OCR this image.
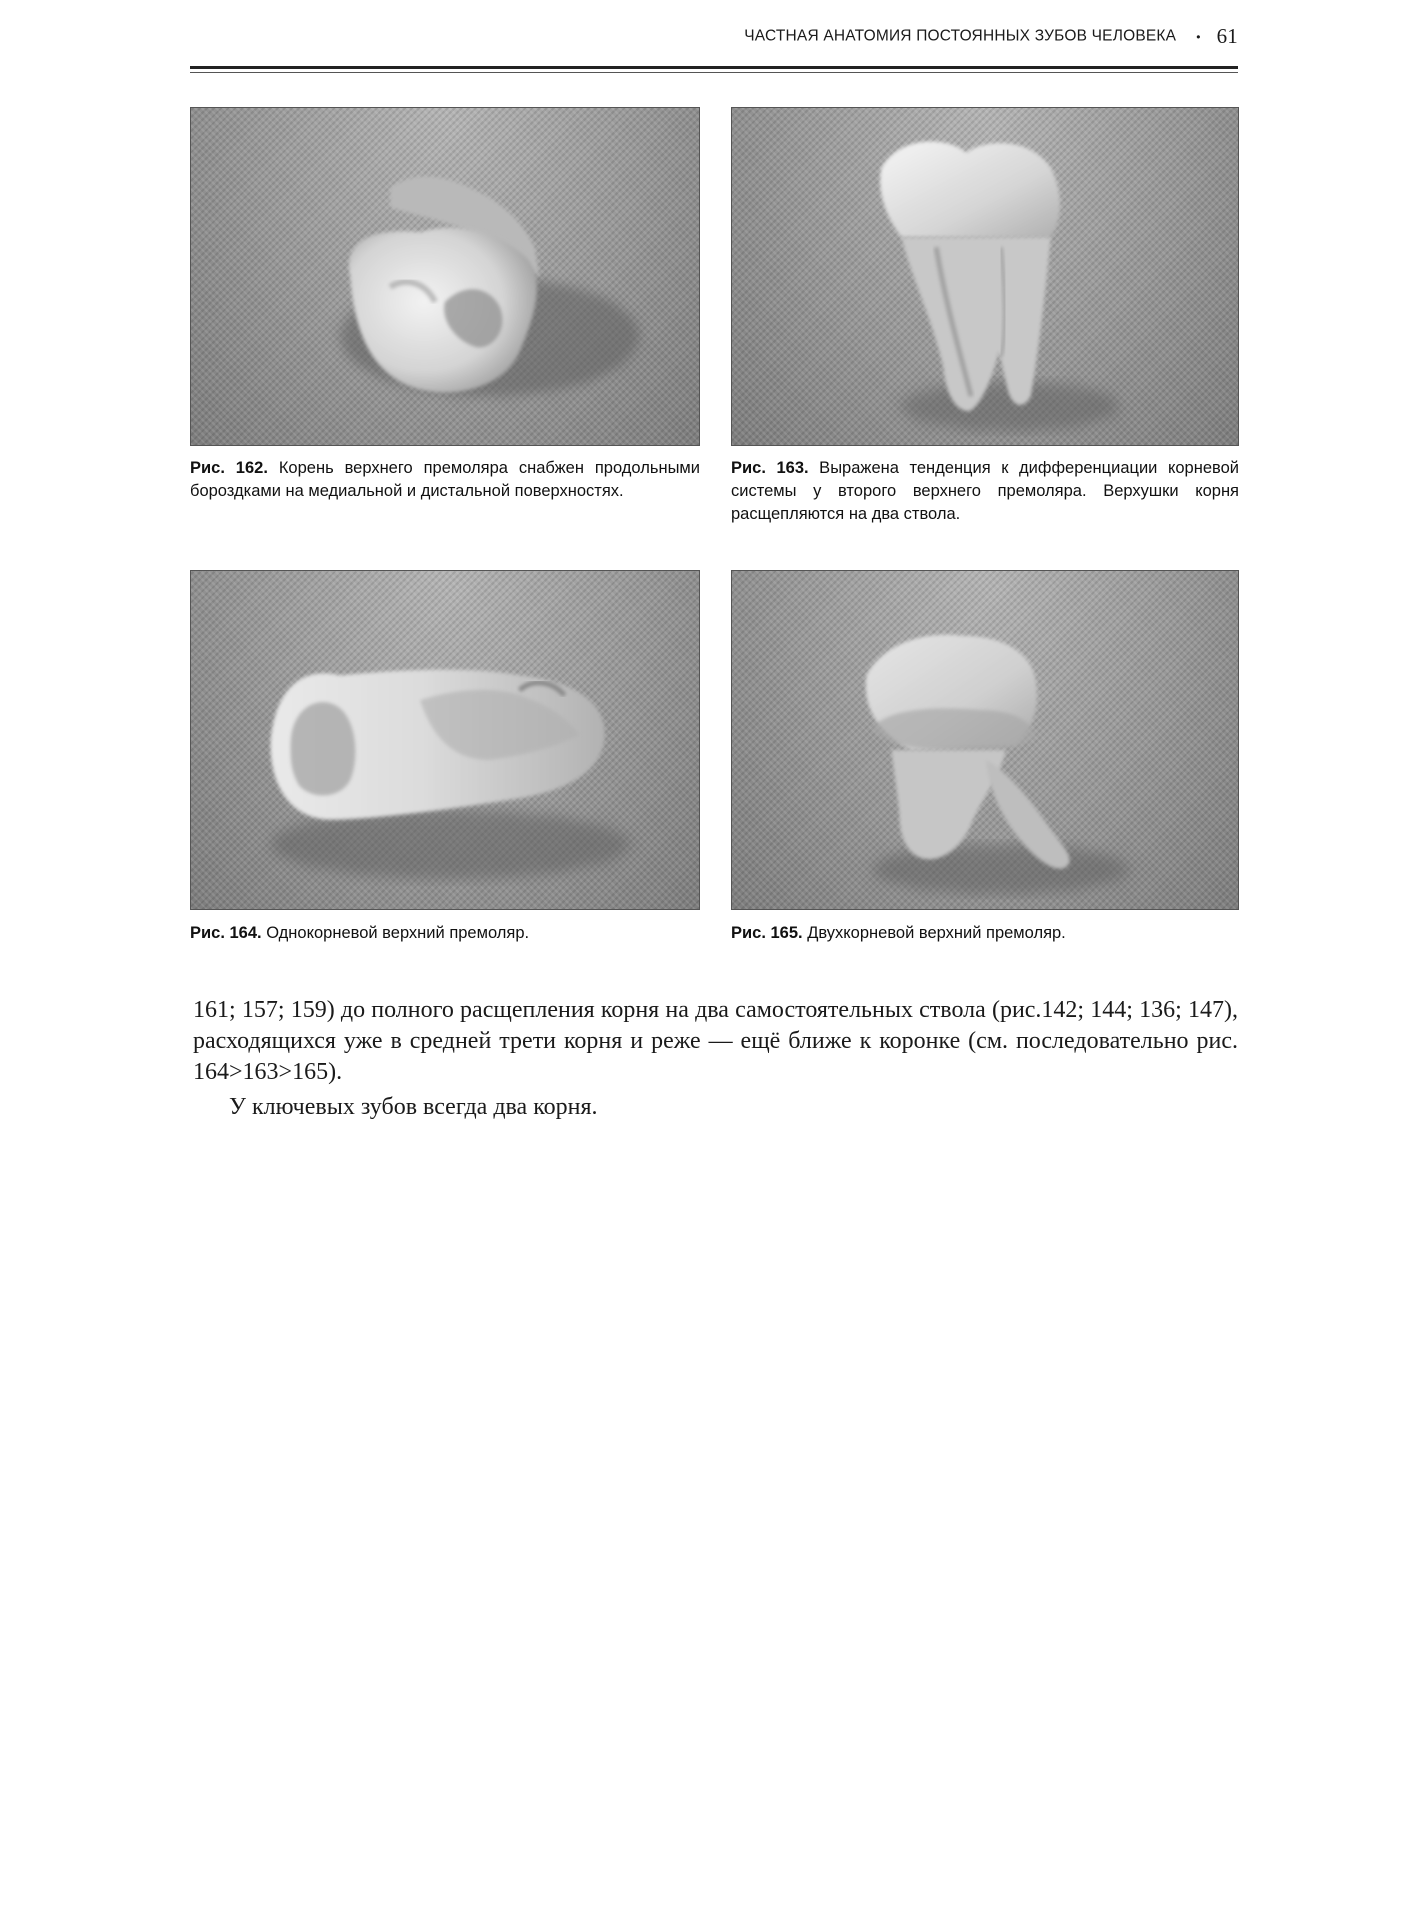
ЧАСТНАЯ АНАТОМИЯ ПОСТОЯННЫХ ЗУБОВ ЧЕЛОВЕКА • 61
Рис. 162. Корень верхнего премоляра снабжен продольными бороздками на медиальной и дистальной поверхностях.
Рис. 163. Выражена тенденция к дифференциации корневой системы у второго верхнего премоляра. Верхушки корня расщепляются на два ствола.
Рис. 164. Однокорневой верхний премоляр.	Рис. 165. Двухкорневой верхний премоляр.

161; 157; 159) до полного расщепления корня на два самостоятельных ствола (рис.142; 144; 136; 147), расходящихся уже в средней трети корня и реже — ещё ближе к коронке (см. последовательно рис. 164>163>165).

У ключевых зубов всегда два корня.
